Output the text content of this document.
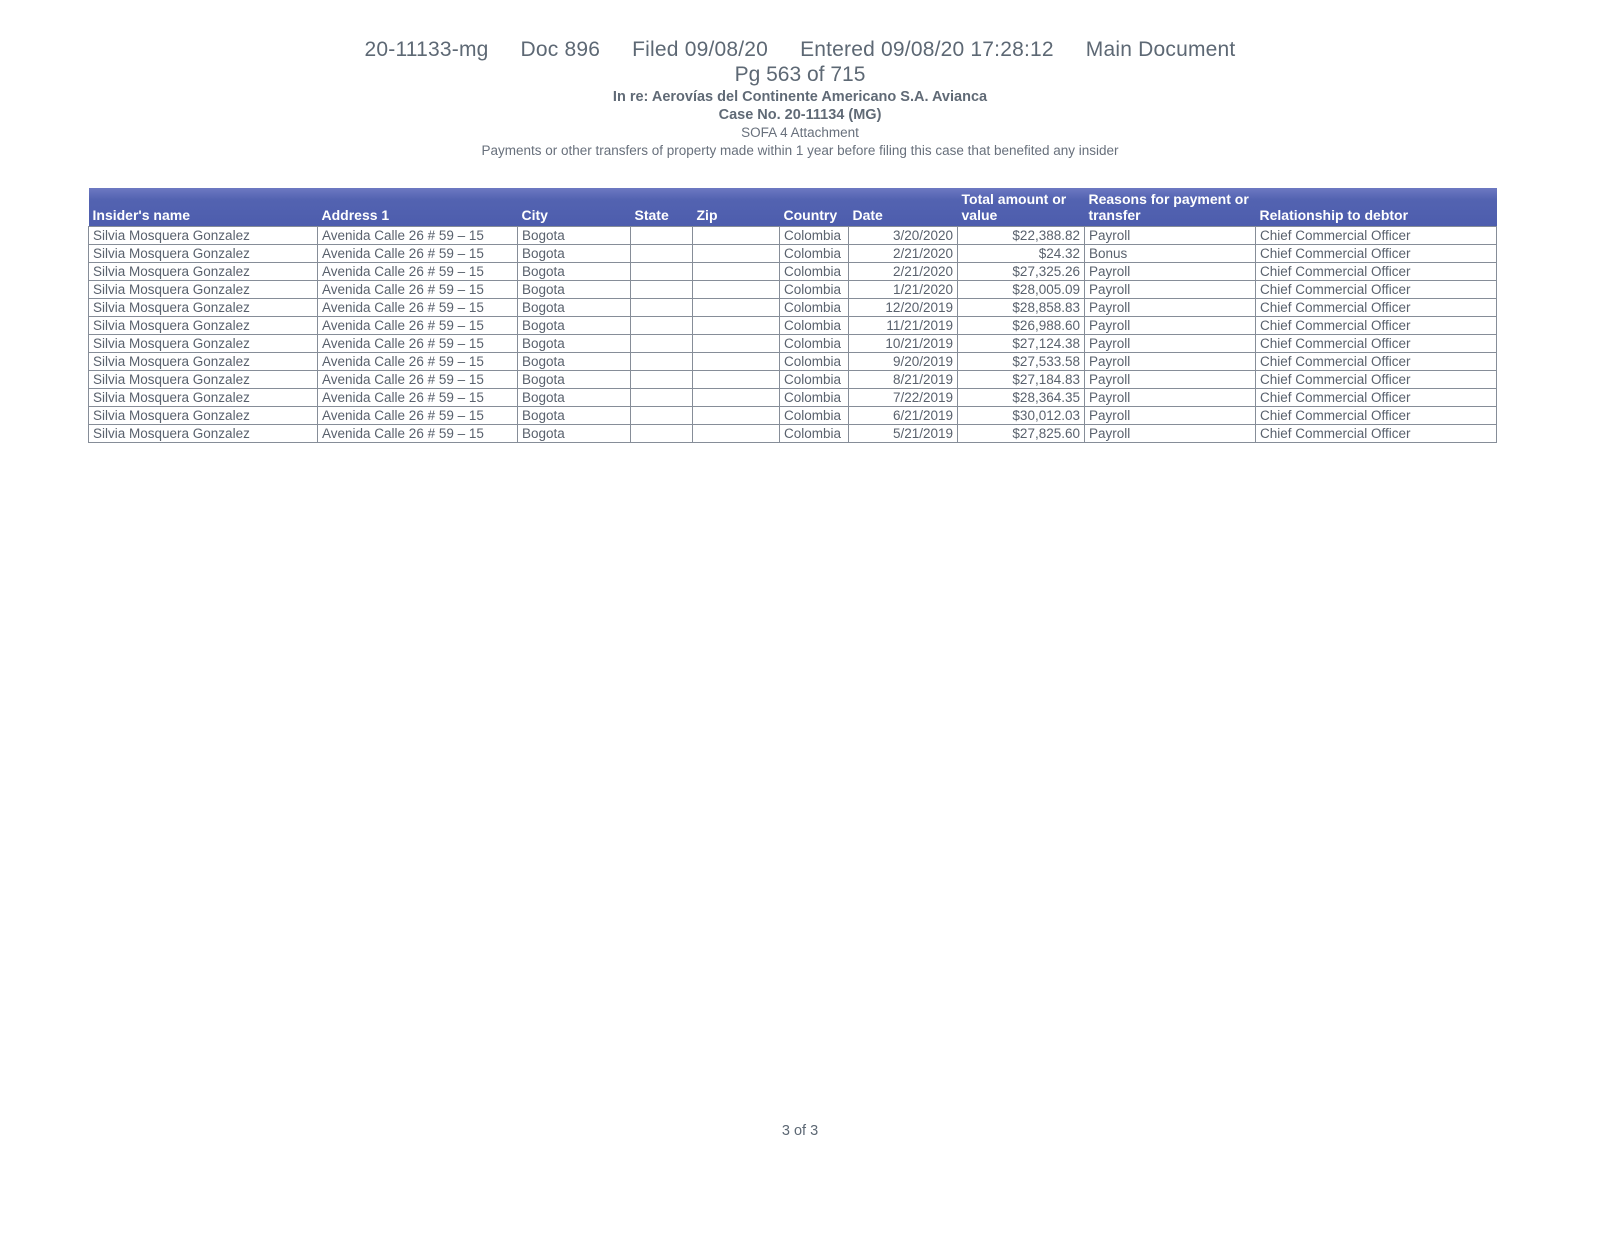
20-11133-mg Doc 896 Filed 09/08/20 Entered 09/08/20 17:28:12 Main Document
Pg 563 of 715
In re: Aerovías del Continente Americano S.A. Avianca
Case No. 20-11134 (MG)
SOFA 4 Attachment
Payments or other transfers of property made within 1 year before filing this case that benefited any insider
Insider's name	Address 1	City	State	Zip	Country	Date	Total amount or value	Reasons for payment or transfer	Relationship to debtor
Silvia Mosquera Gonzalez	Avenida Calle 26 # 59 – 15	Bogota			Colombia	3/20/2020	$22,388.82	Payroll	Chief Commercial Officer
Silvia Mosquera Gonzalez	Avenida Calle 26 # 59 – 15	Bogota			Colombia	2/21/2020	$24.32	Bonus	Chief Commercial Officer
Silvia Mosquera Gonzalez	Avenida Calle 26 # 59 – 15	Bogota			Colombia	2/21/2020	$27,325.26	Payroll	Chief Commercial Officer
Silvia Mosquera Gonzalez	Avenida Calle 26 # 59 – 15	Bogota			Colombia	1/21/2020	$28,005.09	Payroll	Chief Commercial Officer
Silvia Mosquera Gonzalez	Avenida Calle 26 # 59 – 15	Bogota			Colombia	12/20/2019	$28,858.83	Payroll	Chief Commercial Officer
Silvia Mosquera Gonzalez	Avenida Calle 26 # 59 – 15	Bogota			Colombia	11/21/2019	$26,988.60	Payroll	Chief Commercial Officer
Silvia Mosquera Gonzalez	Avenida Calle 26 # 59 – 15	Bogota			Colombia	10/21/2019	$27,124.38	Payroll	Chief Commercial Officer
Silvia Mosquera Gonzalez	Avenida Calle 26 # 59 – 15	Bogota			Colombia	9/20/2019	$27,533.58	Payroll	Chief Commercial Officer
Silvia Mosquera Gonzalez	Avenida Calle 26 # 59 – 15	Bogota			Colombia	8/21/2019	$27,184.83	Payroll	Chief Commercial Officer
Silvia Mosquera Gonzalez	Avenida Calle 26 # 59 – 15	Bogota			Colombia	7/22/2019	$28,364.35	Payroll	Chief Commercial Officer
Silvia Mosquera Gonzalez	Avenida Calle 26 # 59 – 15	Bogota			Colombia	6/21/2019	$30,012.03	Payroll	Chief Commercial Officer
Silvia Mosquera Gonzalez	Avenida Calle 26 # 59 – 15	Bogota			Colombia	5/21/2019	$27,825.60	Payroll	Chief Commercial Officer
3 of 3
